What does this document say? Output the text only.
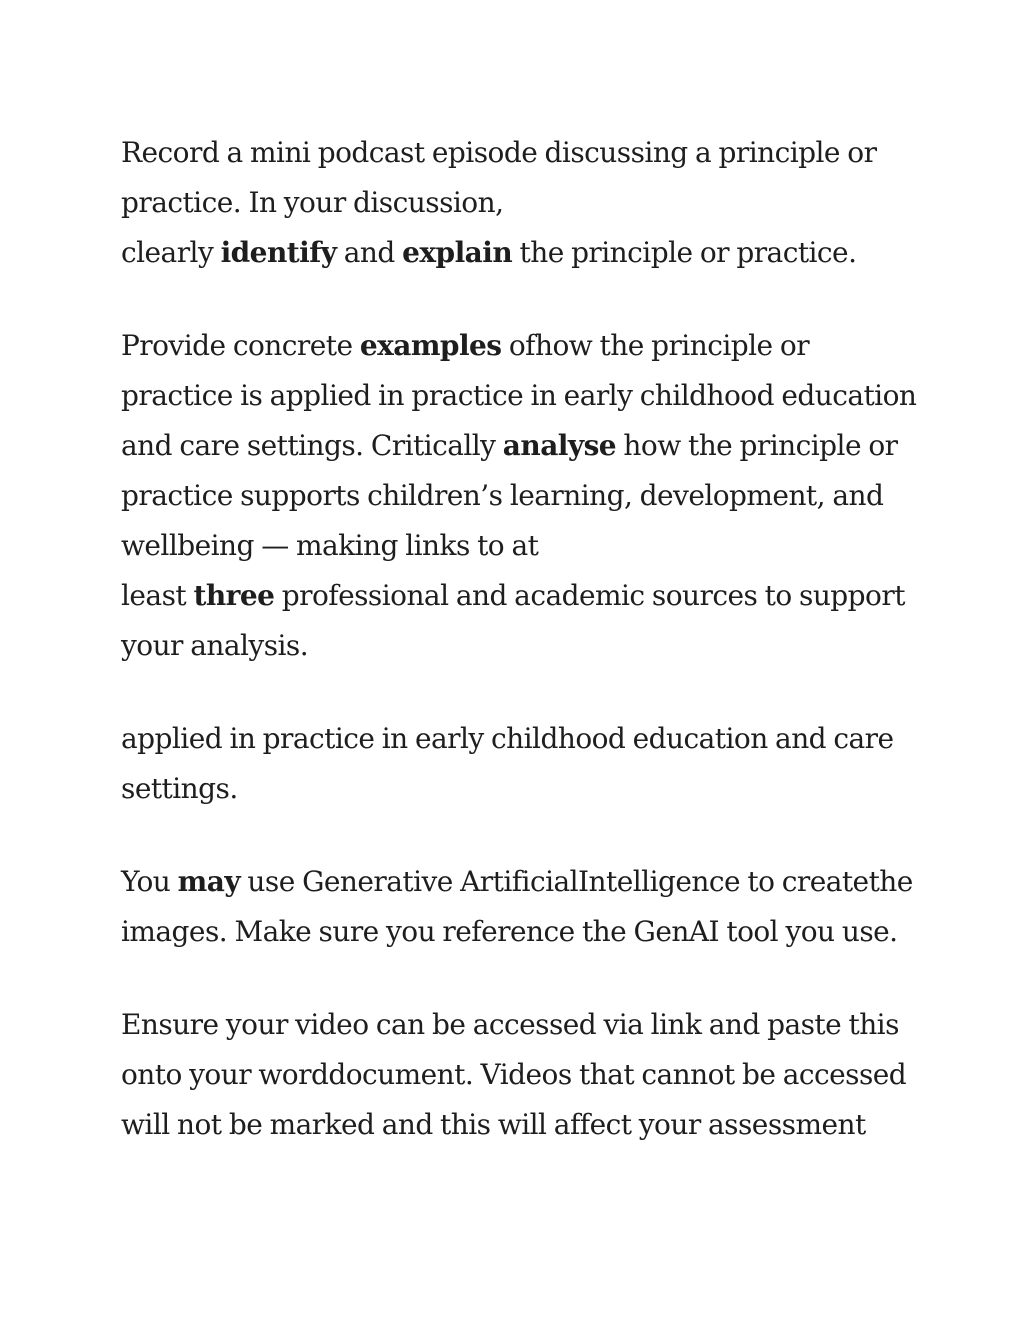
Record a mini podcast episode discussing a principle or
practice. In your discussion,
clearly identify and explain the principle or practice.

Provide concrete examples ofhow the principle or practice is applied in practice in early childhood education and care settings. Critically analyse how the principle or practice supports children’s learning, development, and wellbeing — making links to at
least three professional and academic sources to support your analysis.

applied in practice in early childhood education and care settings.

You may use Generative ArtificialIntelligence to createthe images. Make sure you reference the GenAI tool you use.

Ensure your video can be accessed via link and paste this onto your worddocument. Videos that cannot be accessed will not be marked and this will affect your assessment
